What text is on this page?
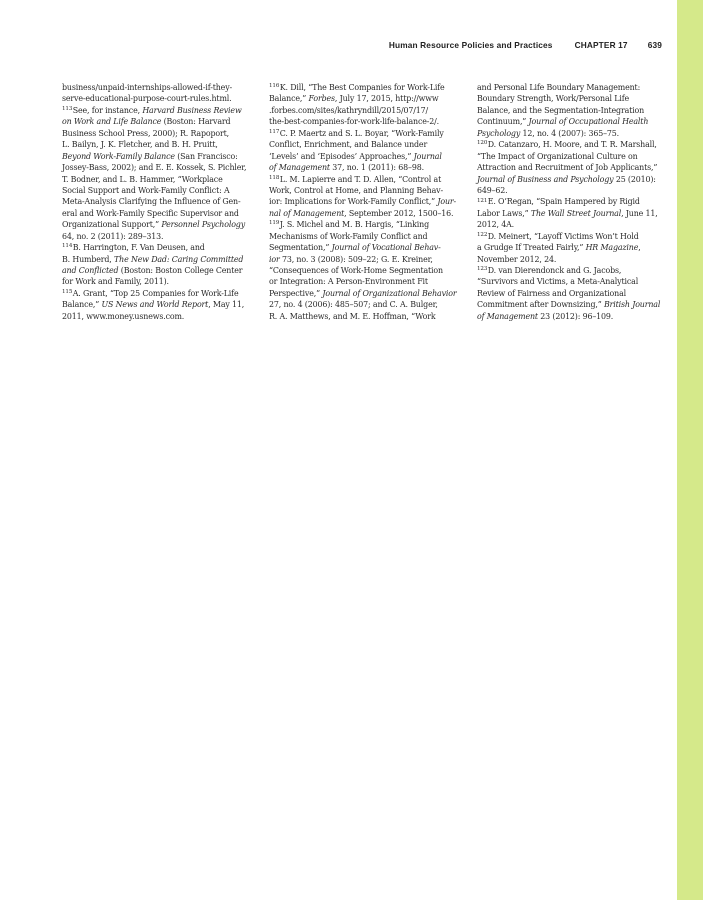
Human Resource Policies and Practices	CHAPTER 17 639
business/unpaid-internships-allowed-if-they-
serve-educational-purpose-court-rules.html.
$^{113}$See, for instance, Harvard Business Review
on Work and Life Balance (Boston: Harvard
Business School Press, 2000); R. Rapoport,
L. Bailyn, J. K. Fletcher, and B. H. Pruitt,
Beyond Work-Family Balance (San Francisco:
Jossey-Bass, 2002); and E. E. Kossek, S. Pichler,
T. Bodner, and L. B. Hammer, “Workplace
Social Support and Work-Family Conflict: A
Meta-Analysis Clarifying the Influence of Gen-
eral and Work-Family Specific Supervisor and
Organizational Support,” Personnel Psychology
64, no. 2 (2011): 289–313.
$^{114}$B. Harrington, F. Van Deusen, and
B. Humberd, The New Dad: Caring Committed
and Conflicted (Boston: Boston College Center
for Work and Family, 2011).
$^{115}$A. Grant, “Top 25 Companies for Work-Life
Balance,” US News and World Report, May 11,
2011, www.money.usnews.com.
$^{116}$K. Dill, “The Best Companies for Work-Life
Balance,” Forbes, July 17, 2015, http://www
.forbes.com/sites/kathryndill/2015/07/17/
the-best-companies-for-work-life-balance-2/.
$^{117}$C. P. Maertz and S. L. Boyar, “Work-Family
Conflict, Enrichment, and Balance under
‘Levels’ and ‘Episodes’ Approaches,” Journal
of Management 37, no. 1 (2011): 68–98.
$^{118}$L. M. Lapierre and T. D. Allen, “Control at
Work, Control at Home, and Planning Behav-
ior: Implications for Work-Family Conflict,” Jour-
nal of Management, September 2012, 1500–16.
$^{119}$J. S. Michel and M. B. Hargis, “Linking
Mechanisms of Work-Family Conflict and
Segmentation,” Journal of Vocational Behav-
ior 73, no. 3 (2008): 509–22; G. E. Kreiner,
“Consequences of Work-Home Segmentation
or Integration: A Person-Environment Fit
Perspective,” Journal of Organizational Behavior
27, no. 4 (2006): 485–507; and C. A. Bulger,
R. A. Matthews, and M. E. Hoffman, “Work
and Personal Life Boundary Management:
Boundary Strength, Work/Personal Life
Balance, and the Segmentation-Integration
Continuum,” Journal of Occupational Health
Psychology 12, no. 4 (2007): 365–75.
$^{120}$D. Catanzaro, H. Moore, and T. R. Marshall,
“The Impact of Organizational Culture on
Attraction and Recruitment of Job Applicants,”
Journal of Business and Psychology 25 (2010):
649–62.
$^{121}$E. O’Regan, “Spain Hampered by Rigid
Labor Laws,” The Wall Street Journal, June 11,
2012, 4A.
$^{122}$D. Meinert, “Layoff Victims Won’t Hold
a Grudge If Treated Fairly,” HR Magazine,
November 2012, 24.
$^{123}$D. van Dierendonck and G. Jacobs,
“Survivors and Victims, a Meta-Analytical
Review of Fairness and Organizational
Commitment after Downsizing,” British Journal
of Management 23 (2012): 96–109.
